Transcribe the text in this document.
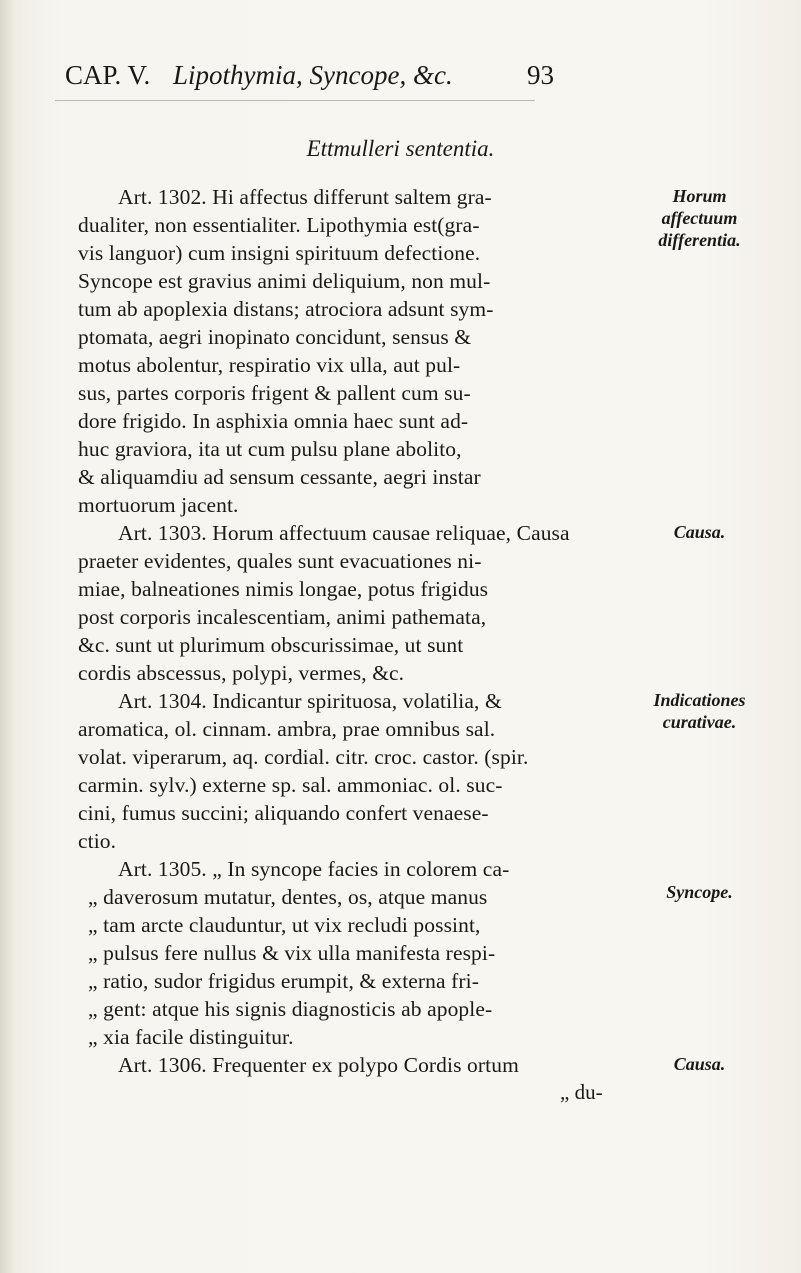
CAP. V. Lipothymia, Syncope, &c.	93
Ettmulleri sententia.
Art. 1302. Hi affectus differunt saltem gra-
dualiter, non essentialiter. Lipothymia est(gra-
vis languor) cum insigni spirituum defectione.
Syncope est gravius animi deliquium, non mul-
tum ab apoplexia distans; atrociora adsunt sym-
ptomata, aegri inopinato concidunt, sensus &
motus abolentur, respiratio vix ulla, aut pul-
sus, partes corporis frigent & pallent cum su-
dore frigido. In asphixia omnia haec sunt ad-
huc graviora, ita ut cum pulsu plane abolito,
& aliquamdiu ad sensum cessante, aegri instar
mortuorum jacent.
Art. 1303. Horum affectuum causae reliquae, Causa
praeter evidentes, quales sunt evacuationes ni-
miae, balneationes nimis longae, potus frigidus
post corporis incalescentiam, animi pathemata,
&c. sunt ut plurimum obscurissimae, ut sunt
cordis abscessus, polypi, vermes, &c.
Art. 1304. Indicantur spirituosa, volatilia, &
aromatica, ol. cinnam. ambra, prae omnibus sal.
volat. viperarum, aq. cordial. citr. croc. castor. (spir.
carmin. sylv.) externe sp. sal. ammoniac. ol. suc-
cini, fumus succini; aliquando confert venaese-
ctio.
Art. 1305. „ In syncope facies in colorem ca-
„ daverosum mutatur, dentes, os, atque manus
„ tam arcte clauduntur, ut vix recludi possint,
„ pulsus fere nullus & vix ulla manifesta respi-
„ ratio, sudor frigidus erumpit, & externa fri-
„ gent: atque his signis diagnosticis ab apople-
„ xia facile distinguitur.
Art. 1306. Frequenter ex polypo Cordis ortum
Horum affectuum differentia.
Causa.
Indicationes curativae.
Syncope.
Causa.
„ du-
